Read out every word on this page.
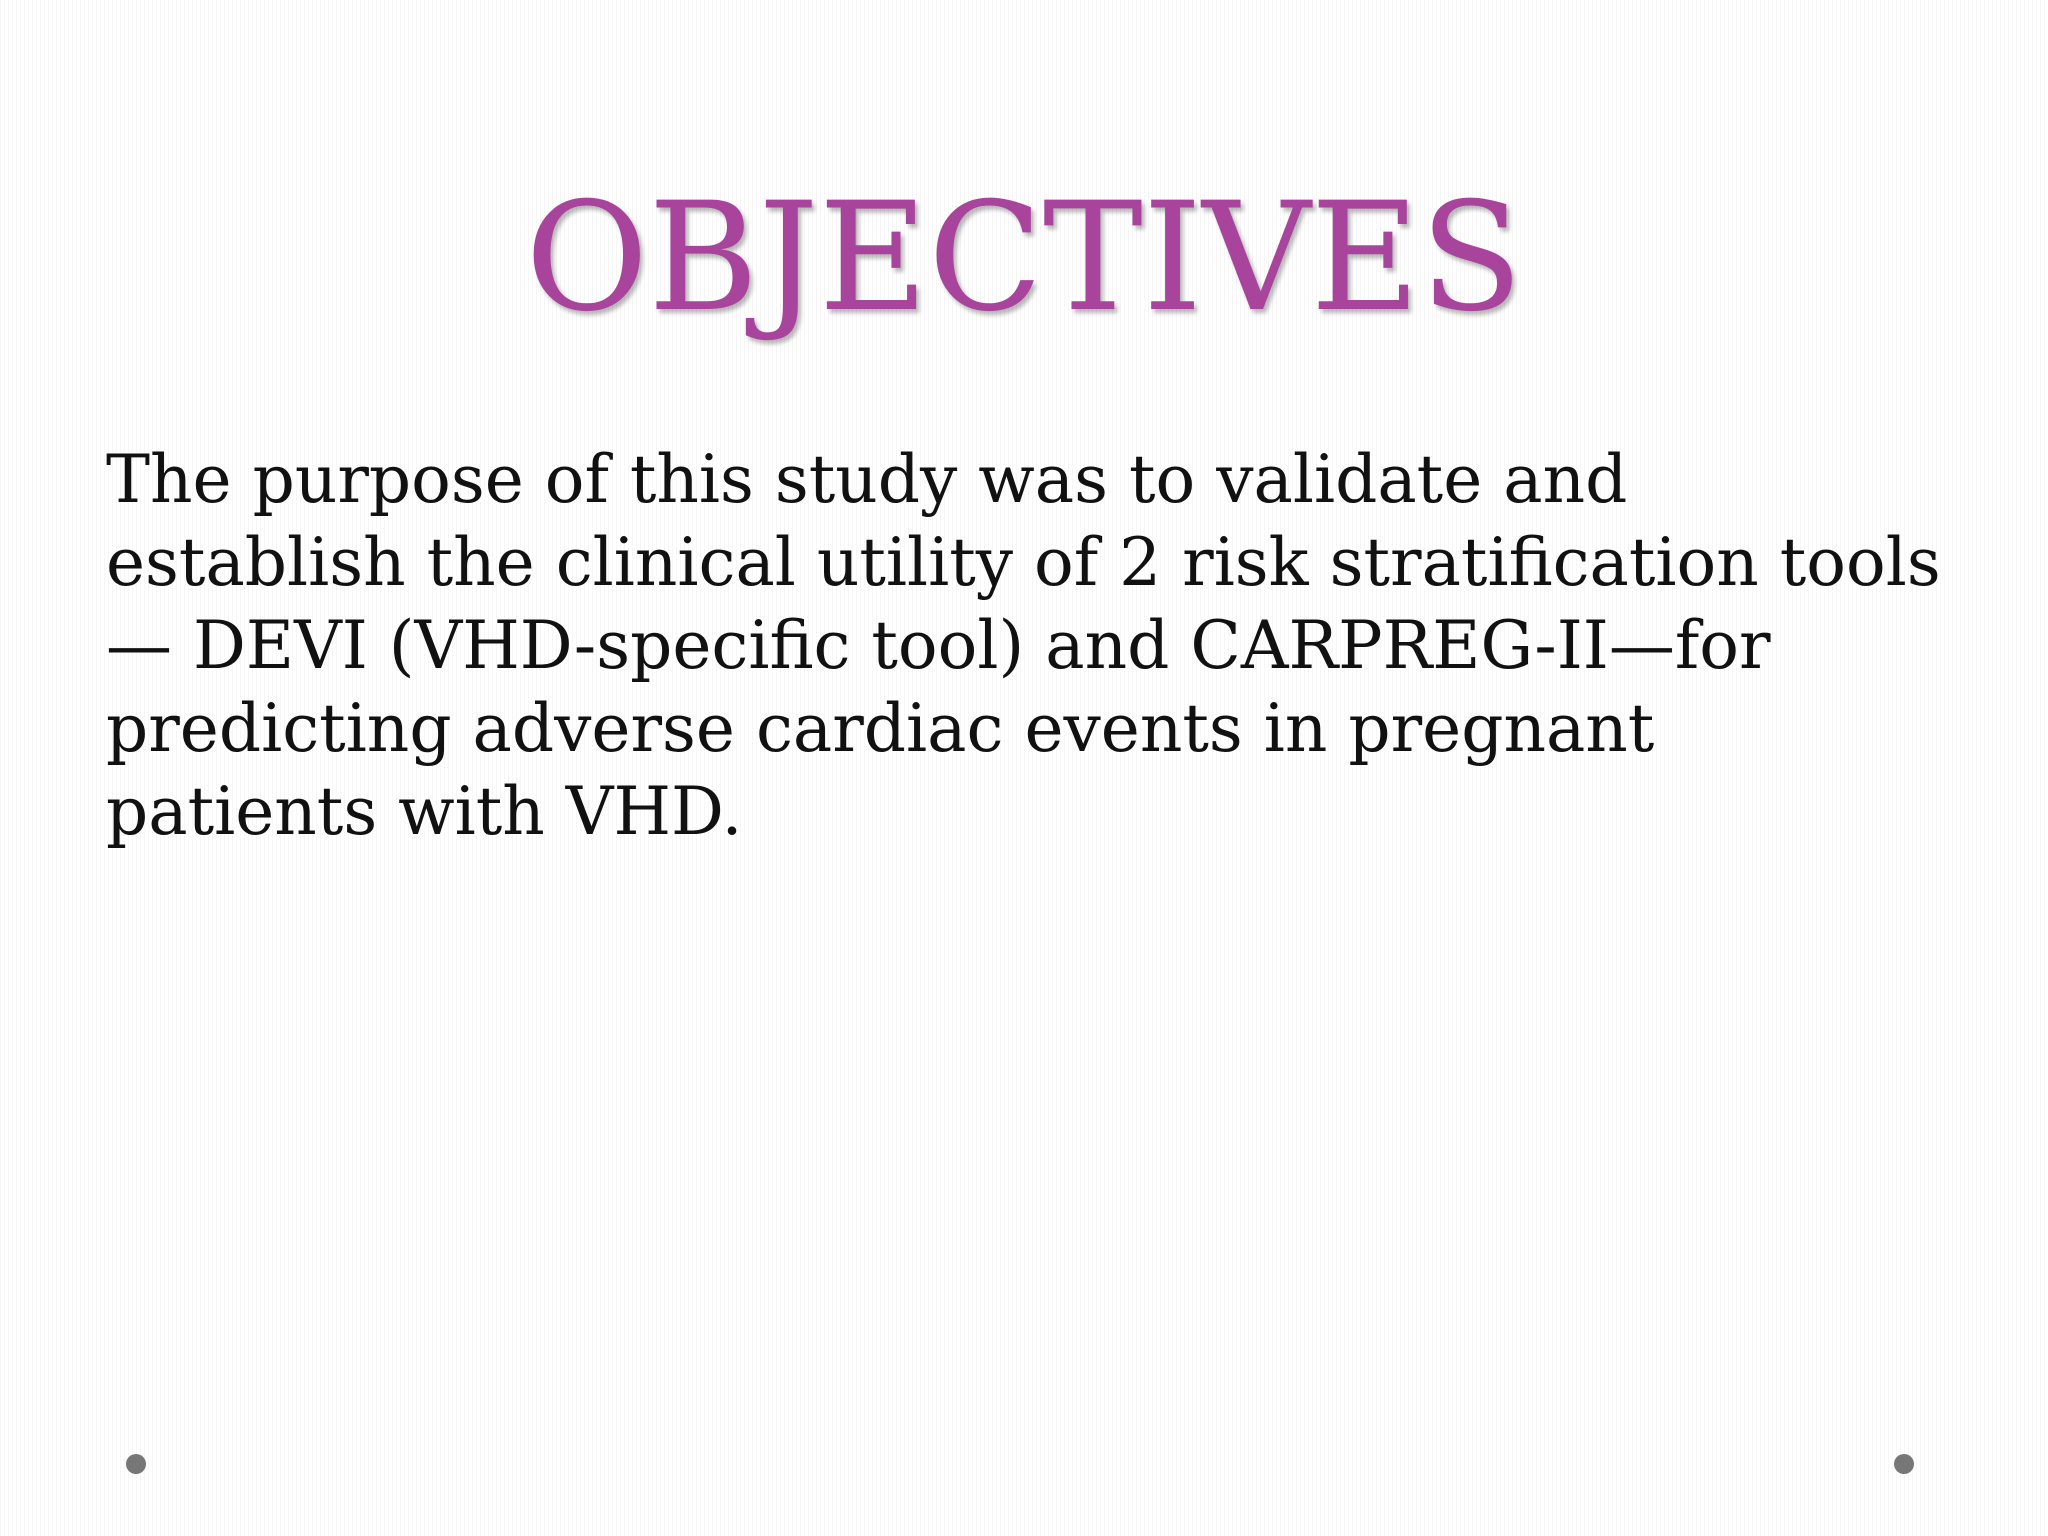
OBJECTIVES
The purpose of this study was to validate and establish the clinical utility of 2 risk stratification tools— DEVI (VHD-specific tool) and CARPREG-II—for predicting adverse cardiac events in pregnant patients with VHD.
